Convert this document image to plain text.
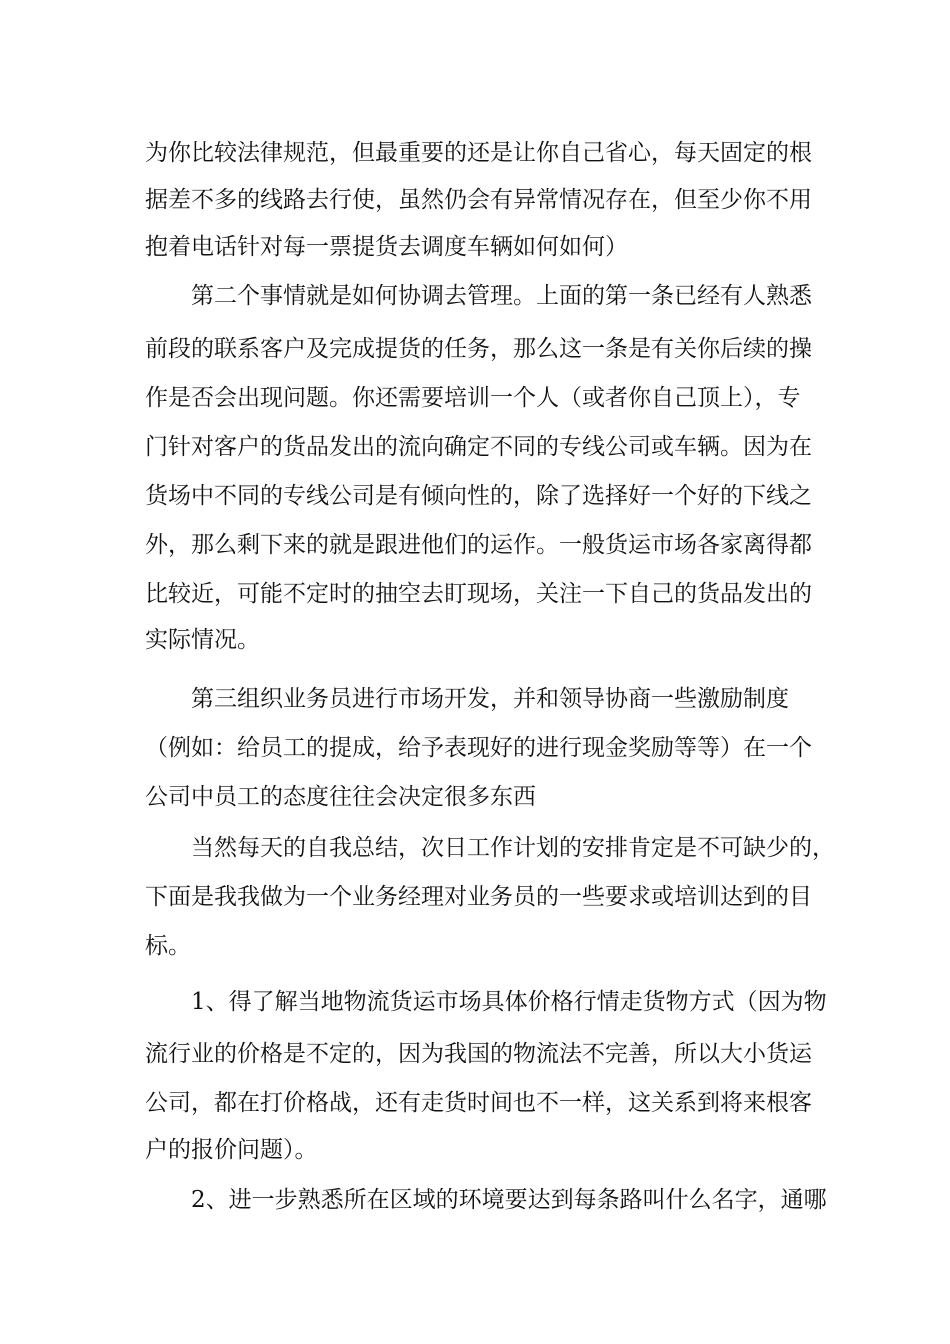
为你比较法律规范，但最重要的还是让你自己省心，每天固定的根
据差不多的线路去行使，虽然仍会有异常情况存在，但至少你不用
抱着电话针对每一票提货去调度车辆如何如何）
第二个事情就是如何协调去管理。上面的第一条已经有人熟悉
前段的联系客户及完成提货的任务，那么这一条是有关你后续的操
作是否会出现问题。你还需要培训一个人（或者你自己顶上），专
门针对客户的货品发出的流向确定不同的专线公司或车辆。因为在
货场中不同的专线公司是有倾向性的，除了选择好一个好的下线之
外，那么剩下来的就是跟进他们的运作。一般货运市场各家离得都
比较近，可能不定时的抽空去盯现场，关注一下自己的货品发出的
实际情况。
第三组织业务员进行市场开发，并和领导协商一些激励制度
（例如：给员工的提成，给予表现好的进行现金奖励等等）在一个
公司中员工的态度往往会决定很多东西
当然每天的自我总结，次日工作计划的安排肯定是不可缺少的，
下面是我我做为一个业务经理对业务员的一些要求或培训达到的目
标。
1、得了解当地物流货运市场具体价格行情走货物方式（因为物
流行业的价格是不定的，因为我国的物流法不完善，所以大小货运
公司，都在打价格战，还有走货时间也不一样，这关系到将来根客
户的报价问题）。
2、进一步熟悉所在区域的环境要达到每条路叫什么名字，通哪
